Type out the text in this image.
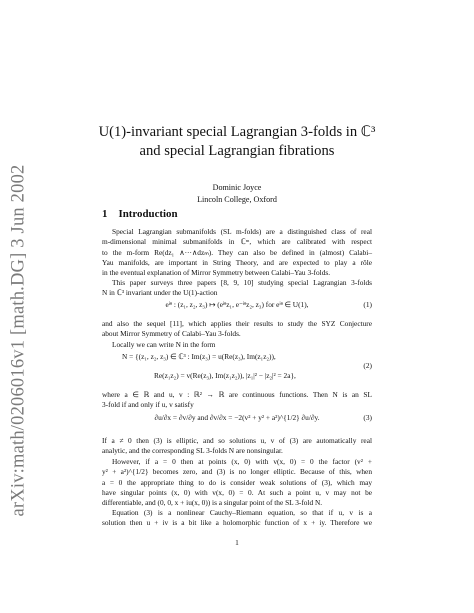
arXiv:math/0206016v1 [math.DG] 3 Jun 2002
U(1)-invariant special Lagrangian 3-folds in ℂ³
and special Lagrangian fibrations
Dominic Joyce
Lincoln College, Oxford
1 Introduction
Special Lagrangian submanifolds (SL m-folds) are a distinguished class of real
m-dimensional minimal submanifolds in ℂᵐ, which are calibrated with respect
to the m-form Re(dz₁ ∧···∧dzₘ). They can also be defined in (almost) Calabi–
Yau manifolds, are important in String Theory, and are expected to play a rôle
in the eventual explanation of Mirror Symmetry between Calabi–Yau 3-folds.
This paper surveys three papers [8, 9, 10] studying special Lagrangian 3-folds
N in ℂ³ invariant under the U(1)-action
eⁱᶿ : (z₁, z₂, z₃) ↦ (eⁱᶿz₁, e⁻ⁱᶿz₂, z₃) for eⁱᶿ ∈ U(1),	(1)
and also the sequel [11], which applies their results to study the SYZ Conjecture
about Mirror Symmetry of Calabi–Yau 3-folds.
Locally we can write N in the form
N = {(z₁, z₂, z₃) ∈ ℂ³ : Im(z₃) = u(Re(z₃), Im(z₁z₂)),
Re(z₁z₂) = v(Re(z₃), Im(z₁z₂)), |z₁|² − |z₂|² = 2a},
(2)
where a ∈ ℝ and u, v : ℝ² → ℝ are continuous functions. Then N is an SL
3-fold if and only if u, v satisfy
∂u/∂x = ∂v/∂y and ∂v/∂x = −2(v² + y² + a²)^{1/2} ∂u/∂y.	(3)
If a ≠ 0 then (3) is elliptic, and so solutions u, v of (3) are automatically real
analytic, and the corresponding SL 3-folds N are nonsingular.
However, if a = 0 then at points (x, 0) with v(x, 0) = 0 the factor (v² +
y² + a²)^{1/2} becomes zero, and (3) is no longer elliptic. Because of this, when
a = 0 the appropriate thing to do is consider weak solutions of (3), which may
have singular points (x, 0) with v(x, 0) = 0. At such a point u, v may not be
differentiable, and (0, 0, x + iu(x, 0)) is a singular point of the SL 3-fold N.
Equation (3) is a nonlinear Cauchy–Riemann equation, so that if u, v is a
solution then u + iv is a bit like a holomorphic function of x + iy. Therefore we
1
